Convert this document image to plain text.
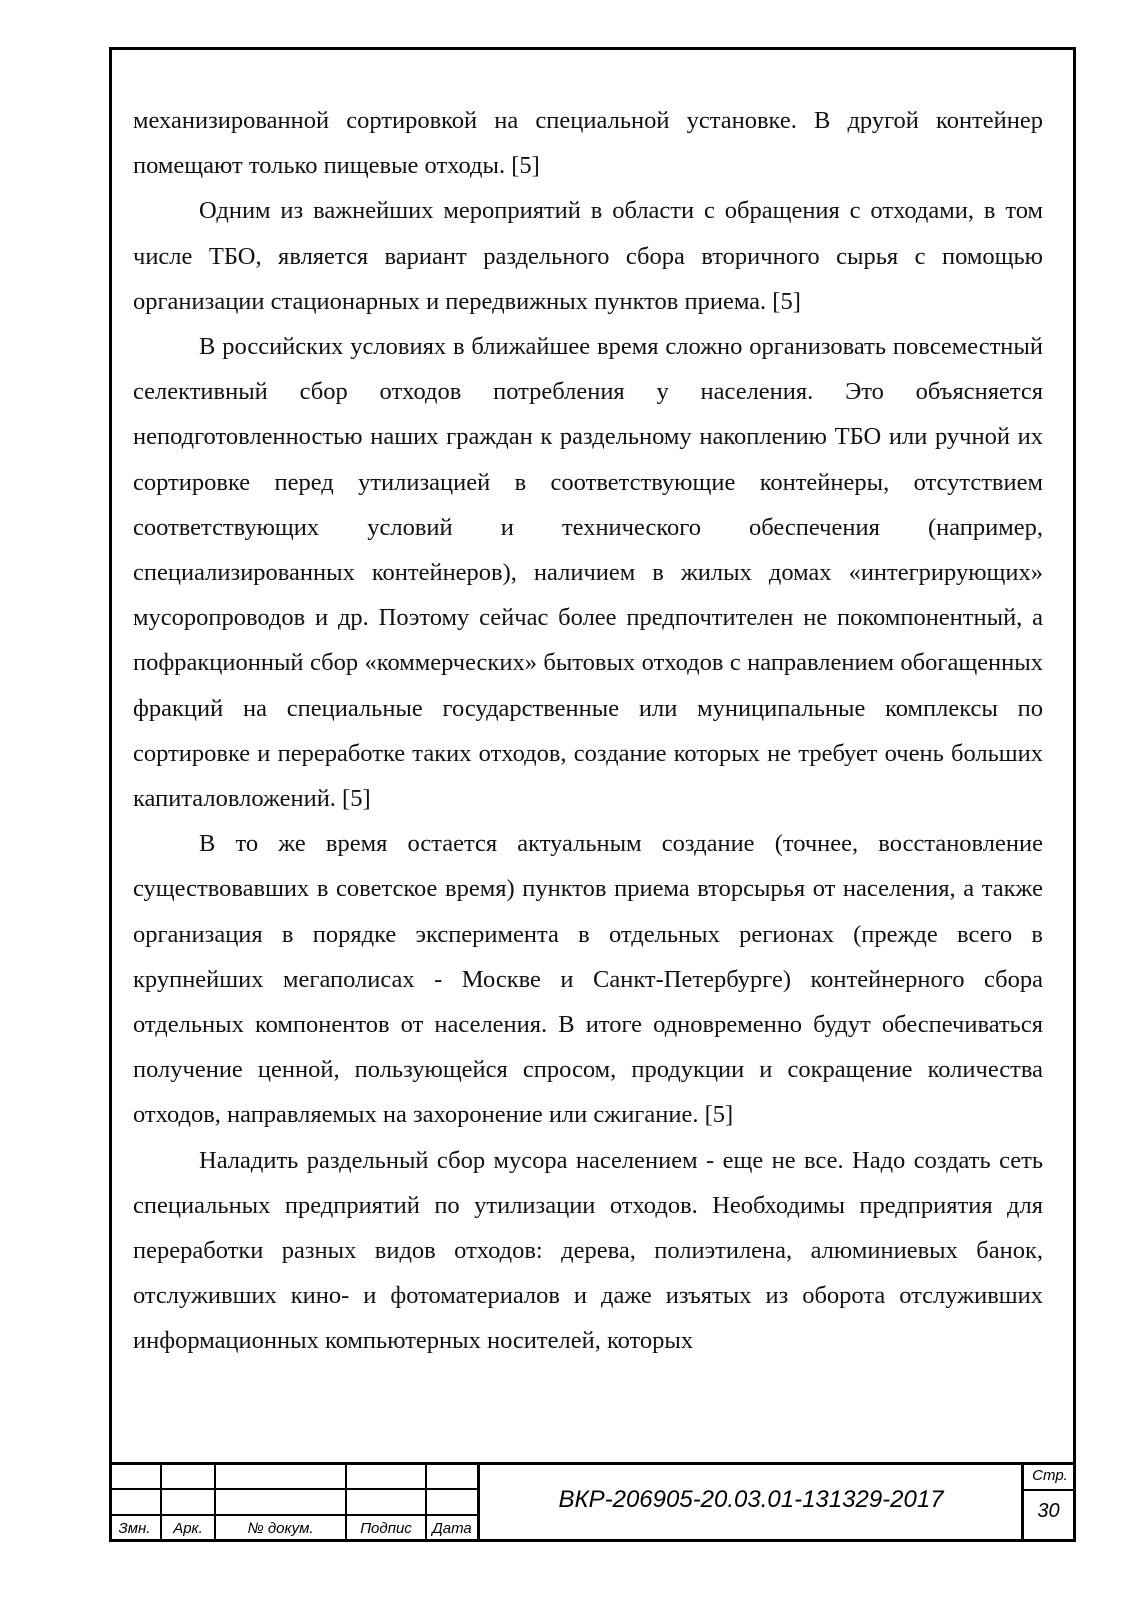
механизированной сортировкой на специальной установке. В другой контейнер помещают только пищевые отходы. [5]

Одним из важнейших мероприятий в области с обращения с отходами, в том числе ТБО, является вариант раздельного сбора вторичного сырья с помощью организации стационарных и передвижных пунктов приема. [5]

В российских условиях в ближайшее время сложно организовать повсеместный селективный сбор отходов потребления у населения. Это объясняется неподготовленностью наших граждан к раздельному накоплению ТБО или ручной их сортировке перед утилизацией в соответствующие контейнеры, отсутствием соответствующих условий и технического обеспечения (например, специализированных контейнеров), наличием в жилых домах «интегрирующих» мусоропроводов и др. Поэтому сейчас более предпочтителен не покомпонентный, а пофракционный сбор «коммерческих» бытовых отходов с направлением обогащенных фракций на специальные государственные или муниципальные комплексы по сортировке и переработке таких отходов, создание которых не требует очень больших капиталовложений. [5]

В то же время остается актуальным создание (точнее, восстановление существовавших в советское время) пунктов приема вторсырья от населения, а также организация в порядке эксперимента в отдельных регионах (прежде всего в крупнейших мегаполисах - Москве и Санкт-Петербурге) контейнерного сбора отдельных компонентов от населения. В итоге одновременно будут обеспечиваться получение ценной, пользующейся спросом, продукции и сокращение количества отходов, направляемых на захоронение или сжигание. [5]

Наладить раздельный сбор мусора населением - еще не все. Надо создать сеть специальных предприятий по утилизации отходов. Необходимы предприятия для переработки разных видов отходов: дерева, полиэтилена, алюминиевых банок, отслуживших кино- и фотоматериалов и даже изъятых из оборота отслуживших информационных компьютерных носителей, которых

Змн.	Арк.	№ докум.	Подпис	Дата
ВКР-206905-20.03.01-131329-2017
Стр.
30
